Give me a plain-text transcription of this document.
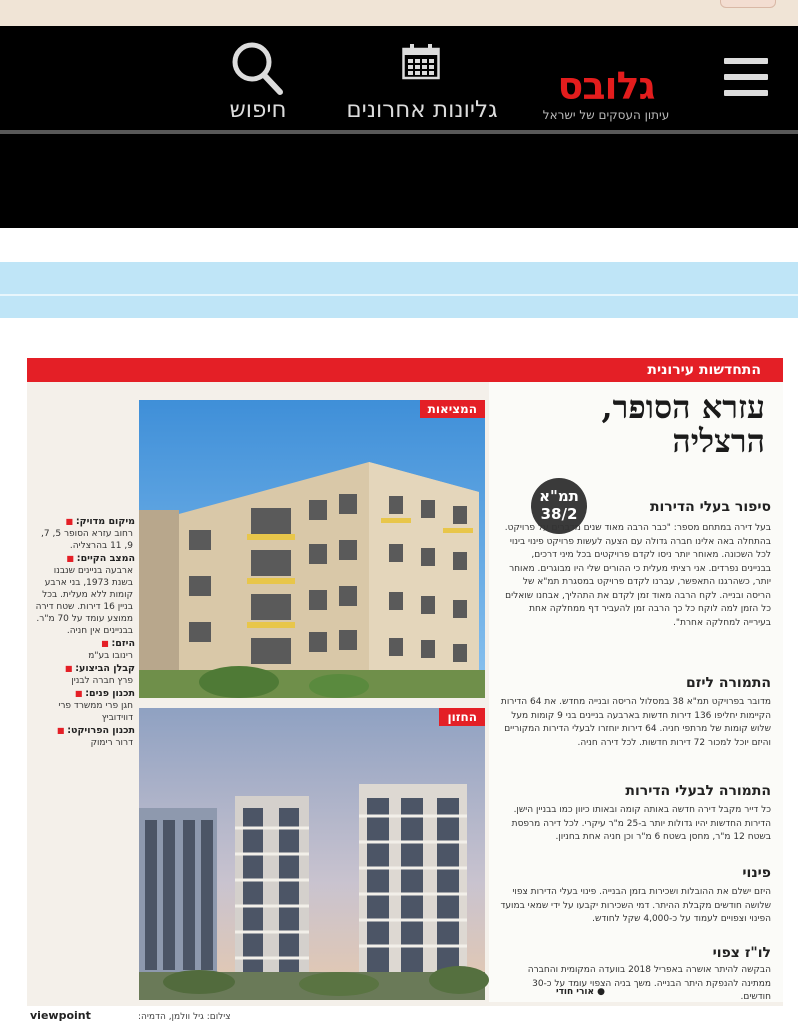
גלובס
עיתון העסקים של ישראל
גליונות אחרונים
חיפוש
התחדשות עירונית
עזרא הסופר, הרצליה
תמ"א
38/2	סיפור בעלי הדירות
בעל דירה במתחם מספר: "כבר הרבה מאוד שנים מדברים על פרויקט. בהתחלה באה אלינו חברה גדולה עם הצעה לעשות פרויקט פינוי בינוי לכל השכונה. מאוחר יותר ניסו לקדם פרויקטים בכל מיני דרכים, בבניינים נפרדים. אני רציתי מעלית כי ההורים שלי היו מבוגרים. מאוחר יותר, כשהרגנו התאפשר, עברנו לקדם פרויקט במסגרת תמ"א של הריסה ובנייה. לקח הרבה מאוד זמן לקדם את התהליך, אבחנו שואלים כל הזמן למה לוקח כל כך הרבה זמן להעביר דף ממחלקה אחת בעירייה למחלקה אחרת".
התמורה ליזם
מדובר בפרויקט תמ"א 38 במסלול הריסה ובנייה מחדש. את 64 הדירות הקיימות יחליפו 136 דירות חדשות בארבעה בניינים בני 9 קומות מעל שלוש קומות של מרתפי חניה. 64 דירות יוחזרו לבעלי הדירות המקוריים והיזם יוכל למכור 72 דירות חדשות. לכל דירה חניה.
התמורה לבעלי הדירות
כל דייר מקבל דירה חדשה באותה קומה ובאותו כיוון כמו בבניין הישן. הדירות החדשות יהיו גדולות יותר ב-25 מ"ר עיקרי. לכל דירה מרפסת בשטח 12 מ"ר, מחסן בשטח 6 מ"ר וכן חניה אחת בחניון.
פינוי
היזם ישלם את ההובלות ושכירות בזמן הבנייה. פינוי בעלי הדירות צפוי שלושה חודשים מקבלת ההיתר. דמי השכירות יקבעו על ידי שמאי במועד הפינוי וצפויים לעמוד על כ-4,000 שקל לחודש.
לו"ז צפוי
הבקשה להיתר אושרה באפריל 2018 בוועדה המקומית והחברה ממתינה להנפקת היתר הבנייה. משך בניה הצפוי עומד על כ-30 חודשים.
● אורי חודי
המציאות
החזון
מיקום מדויק: ■
רחוב עזרא הסופר 5, 7, 9, 11 בהרצליה.
המצב הקיים: ■
ארבעה בניינים שנבנו בשנת 1973, בני ארבע קומות ללא מעלית. בכל בניין 16 דירות. שטח דירה ממוצע עומד על 70 מ"ר. בבניינים אין חניה.
היזם: ■
רינובו בע"מ
קבלן הביצוע: ■
פרץ חברה לבנין
תכנון פנים: ■
חגן פרי ממשרד פרי דווידוביץ
תכנון הפרויקט: ■
דרור רימוק
צילום: גיל וולמן, הדמיה:
viewpoint
